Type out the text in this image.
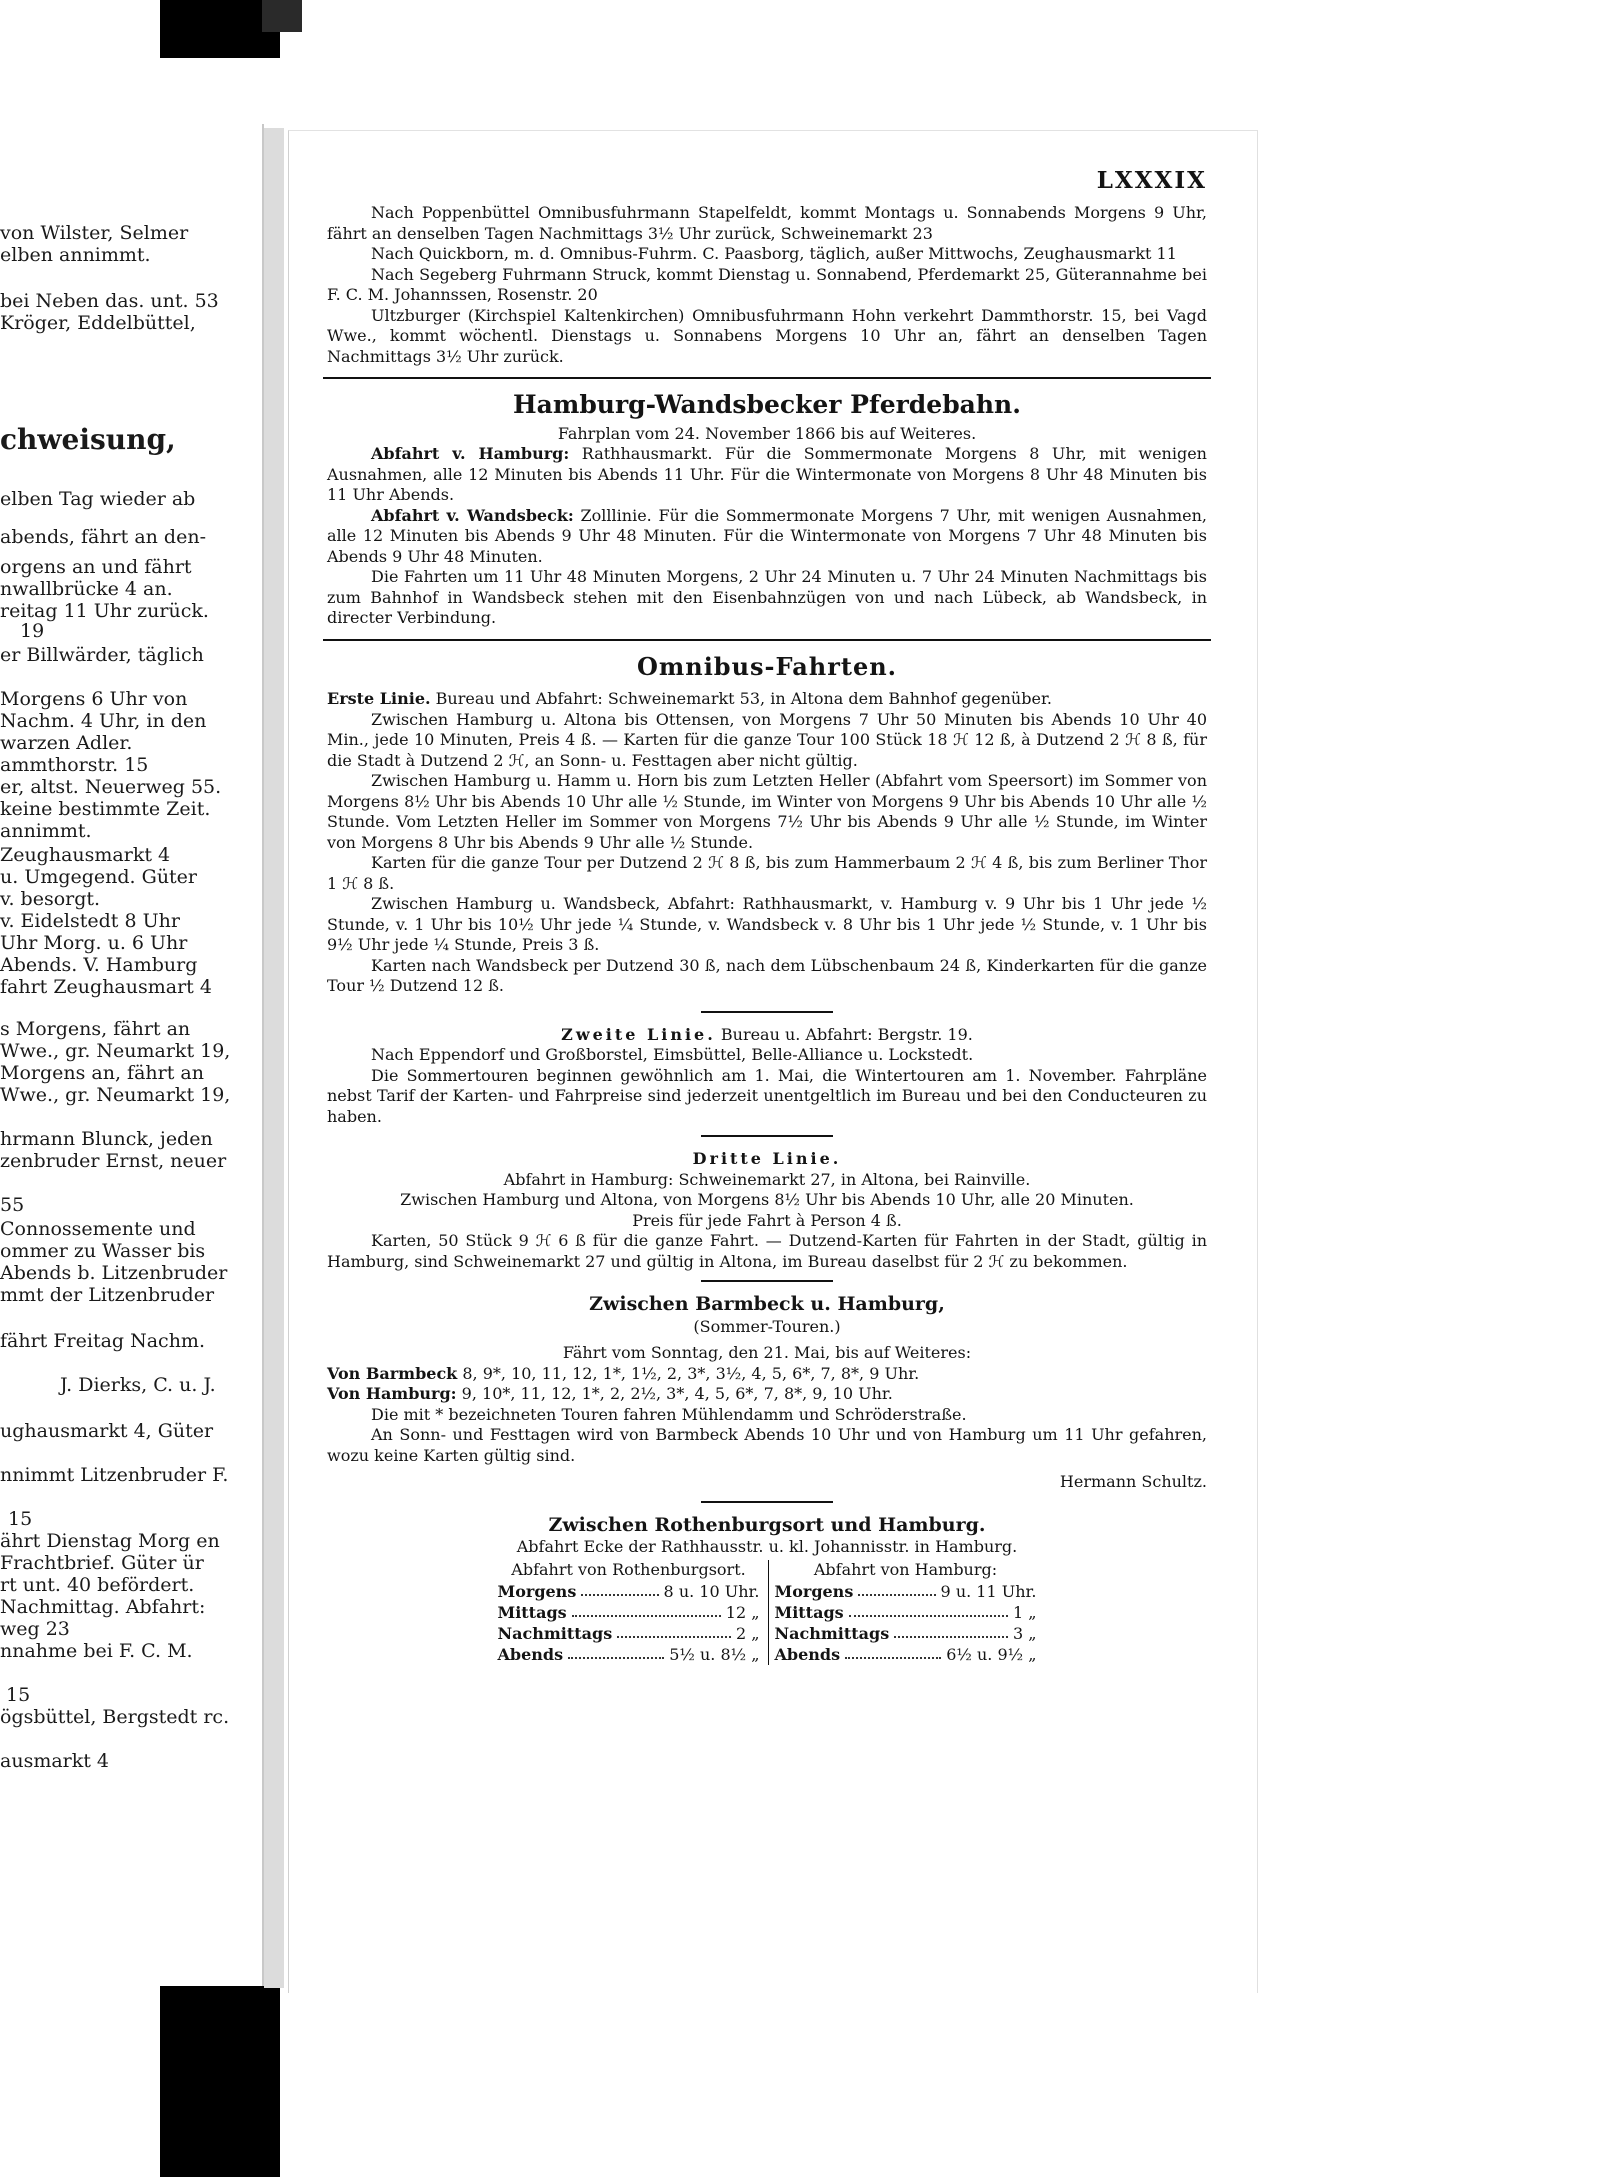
von Wilster, Selmer
elben annimmt.
bei Neben das. unt. 53
Kröger, Eddelbüttel,
chweisung,
elben Tag wieder ab
abends, fährt an den-
orgens an und fährt
nwallbrücke 4 an.
reitag 11 Uhr zurück.
19
er Billwärder, täglich
Morgens 6 Uhr von
Nachm. 4 Uhr, in den
warzen Adler.
ammthorstr. 15
er, altst. Neuerweg 55.
keine bestimmte Zeit.
annimmt.
Zeughausmarkt 4
u. Umgegend. Güter
v. besorgt.
v. Eidelstedt 8 Uhr
Uhr Morg. u. 6 Uhr
Abends. V. Hamburg
fahrt Zeughausmart 4
s Morgens, fährt an
Wwe., gr. Neumarkt 19,
Morgens an, fährt an
Wwe., gr. Neumarkt 19,
hrmann Blunck, jeden
zenbruder Ernst, neuer
55
Connossemente und
ommer zu Wasser bis
Abends b. Litzenbruder
mmt der Litzenbruder
fährt Freitag Nachm.
J. Dierks, C. u. J.
ughausmarkt 4, Güter
nnimmt Litzenbruder F.
15
ährt Dienstag Morg en
Frachtbrief. Güter ür
rt unt. 40 befördert.
Nachmittag. Abfahrt:
weg 23
nnahme bei F. C. M.
15
ögsbüttel, Bergstedt rc.
ausmarkt 4
LXXXIX

Nach Poppenbüttel Omnibusfuhrmann Stapelfeldt, kommt Montags u. Sonnabends Morgens 9 Uhr, fährt an denselben Tagen Nachmittags 3½ Uhr zurück, Schweinemarkt 23

Nach Quickborn, m. d. Omnibus-Fuhrm. C. Paasborg, täglich, außer Mittwochs, Zeughausmarkt 11

Nach Segeberg Fuhrmann Struck, kommt Dienstag u. Sonnabend, Pferdemarkt 25, Güterannahme bei F. C. M. Johannssen, Rosenstr. 20

Ultzburger (Kirchspiel Kaltenkirchen) Omnibusfuhrmann Hohn verkehrt Dammthorstr. 15, bei Vagd Wwe., kommt wöchentl. Dienstags u. Sonnabens Morgens 10 Uhr an, fährt an denselben Tagen Nachmittags 3½ Uhr zurück.

Hamburg-Wandsbecker Pferdebahn.

Fahrplan vom 24. November 1866 bis auf Weiteres.

Abfahrt v. Hamburg: Rathhausmarkt. Für die Sommermonate Morgens 8 Uhr, mit wenigen Ausnahmen, alle 12 Minuten bis Abends 11 Uhr. Für die Wintermonate von Morgens 8 Uhr 48 Minuten bis 11 Uhr Abends.

Abfahrt v. Wandsbeck: Zolllinie. Für die Sommermonate Morgens 7 Uhr, mit wenigen Ausnahmen, alle 12 Minuten bis Abends 9 Uhr 48 Minuten. Für die Wintermonate von Morgens 7 Uhr 48 Minuten bis Abends 9 Uhr 48 Minuten.

Die Fahrten um 11 Uhr 48 Minuten Morgens, 2 Uhr 24 Minuten u. 7 Uhr 24 Minuten Nachmittags bis zum Bahnhof in Wandsbeck stehen mit den Eisenbahnzügen von und nach Lübeck, ab Wandsbeck, in directer Verbindung.

Omnibus-Fahrten.

Erste Linie. Bureau und Abfahrt: Schweinemarkt 53, in Altona dem Bahnhof gegenüber.

Zwischen Hamburg u. Altona bis Ottensen, von Morgens 7 Uhr 50 Minuten bis Abends 10 Uhr 40 Min., jede 10 Minuten, Preis 4 ß. — Karten für die ganze Tour 100 Stück 18 ℋ 12 ß, à Dutzend 2 ℋ 8 ß, für die Stadt à Dutzend 2 ℋ, an Sonn- u. Festtagen aber nicht gültig.

Zwischen Hamburg u. Hamm u. Horn bis zum Letzten Heller (Abfahrt vom Speersort) im Sommer von Morgens 8½ Uhr bis Abends 10 Uhr alle ½ Stunde, im Winter von Morgens 9 Uhr bis Abends 10 Uhr alle ½ Stunde. Vom Letzten Heller im Sommer von Morgens 7½ Uhr bis Abends 9 Uhr alle ½ Stunde, im Winter von Morgens 8 Uhr bis Abends 9 Uhr alle ½ Stunde.

Karten für die ganze Tour per Dutzend 2 ℋ 8 ß, bis zum Hammerbaum 2 ℋ 4 ß, bis zum Berliner Thor 1 ℋ 8 ß.

Zwischen Hamburg u. Wandsbeck, Abfahrt: Rathhausmarkt, v. Hamburg v. 9 Uhr bis 1 Uhr jede ½ Stunde, v. 1 Uhr bis 10½ Uhr jede ¼ Stunde, v. Wandsbeck v. 8 Uhr bis 1 Uhr jede ½ Stunde, v. 1 Uhr bis 9½ Uhr jede ¼ Stunde, Preis 3 ß.

Karten nach Wandsbeck per Dutzend 30 ß, nach dem Lübschenbaum 24 ß, Kinderkarten für die ganze Tour ½ Dutzend 12 ß.

Zweite Linie. Bureau u. Abfahrt: Bergstr. 19.

Nach Eppendorf und Großborstel, Eimsbüttel, Belle-Alliance u. Lockstedt.

Die Sommertouren beginnen gewöhnlich am 1. Mai, die Wintertouren am 1. November. Fahrpläne nebst Tarif der Karten- und Fahrpreise sind jederzeit unentgeltlich im Bureau und bei den Conducteuren zu haben.

Dritte Linie.

Abfahrt in Hamburg: Schweinemarkt 27, in Altona, bei Rainville.

Zwischen Hamburg und Altona, von Morgens 8½ Uhr bis Abends 10 Uhr, alle 20 Minuten.

Preis für jede Fahrt à Person 4 ß.

Karten, 50 Stück 9 ℋ 6 ß für die ganze Fahrt. — Dutzend-Karten für Fahrten in der Stadt, gültig in Hamburg, sind Schweinemarkt 27 und gültig in Altona, im Bureau daselbst für 2 ℋ zu bekommen.

Zwischen Barmbeck u. Hamburg,

(Sommer-Touren.)

Fährt vom Sonntag, den 21. Mai, bis auf Weiteres:

Von Barmbeck 8, 9*, 10, 11, 12, 1*, 1½, 2, 3*, 3½, 4, 5, 6*, 7, 8*, 9 Uhr.

Von Hamburg: 9, 10*, 11, 12, 1*, 2, 2½, 3*, 4, 5, 6*, 7, 8*, 9, 10 Uhr.

Die mit * bezeichneten Touren fahren Mühlendamm und Schröderstraße.

An Sonn- und Festtagen wird von Barmbeck Abends 10 Uhr und von Hamburg um 11 Uhr gefahren, wozu keine Karten gültig sind.

Hermann Schultz.

Zwischen Rothenburgsort und Hamburg.

Abfahrt Ecke der Rathhausstr. u. kl. Johannisstr. in Hamburg.

Abfahrt von Rothenburgsort.
Morgens	8 u. 10 Uhr.
Mittags	12 „
Nachmittags	2 „
Abends	5½ u. 8½ „
Abfahrt von Hamburg:
Morgens	9 u. 11 Uhr.
Mittags	1 „
Nachmittags	3 „
Abends	6½ u. 9½ „
